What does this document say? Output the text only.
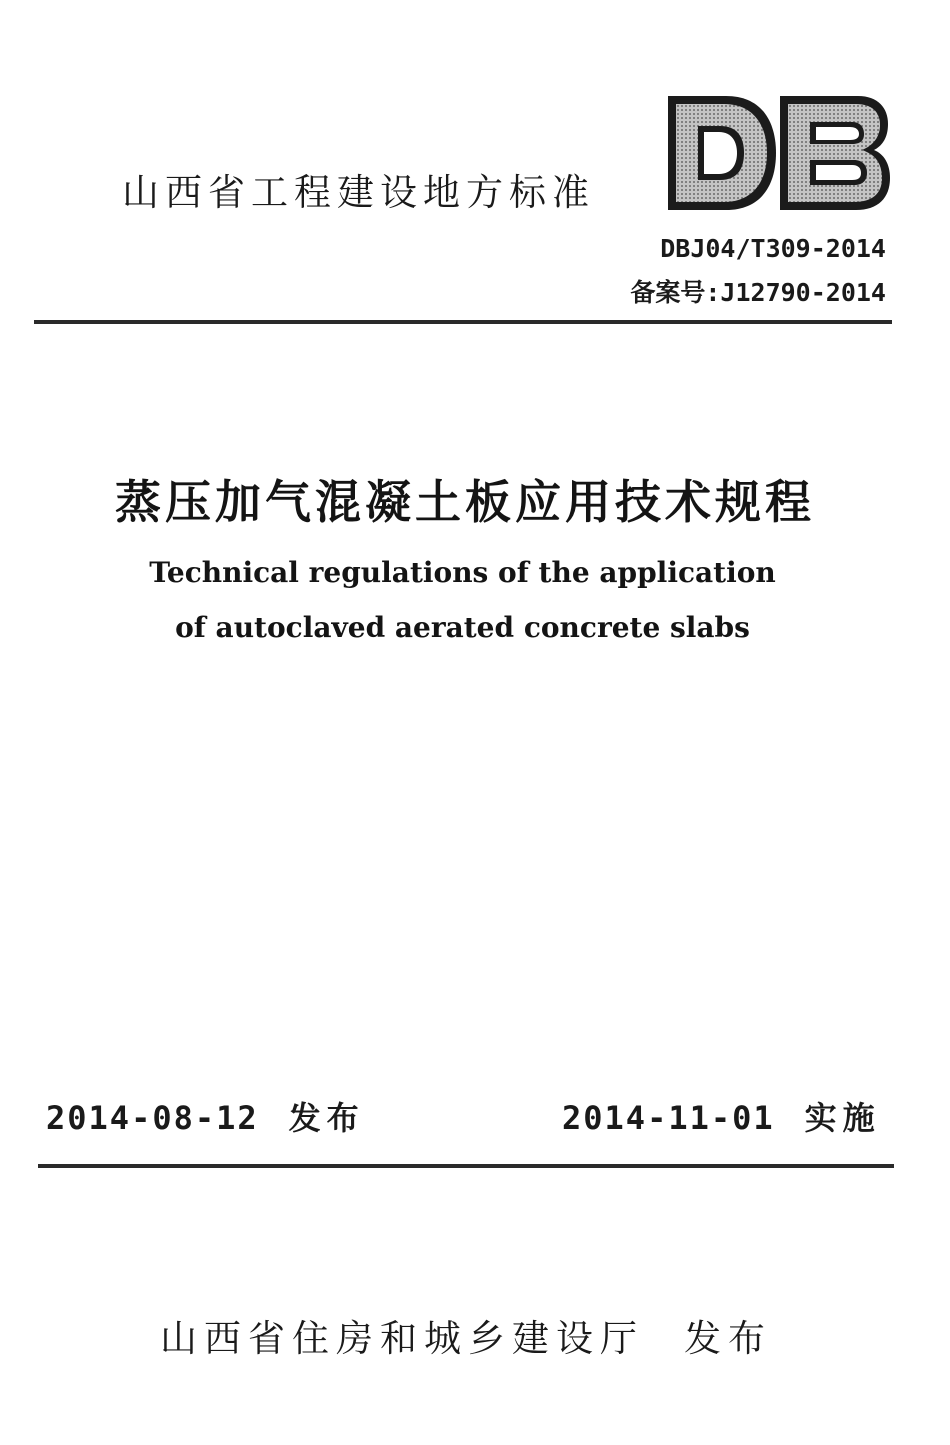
山西省工程建设地方标准
DBJ04/T309-2014
备案号:J12790-2014
蒸压加气混凝土板应用技术规程
Technical regulations of the application
of autoclaved aerated concrete slabs
2014-08-12 发布	2014-11-01 实施
山西省住房和城乡建设厅 发布
